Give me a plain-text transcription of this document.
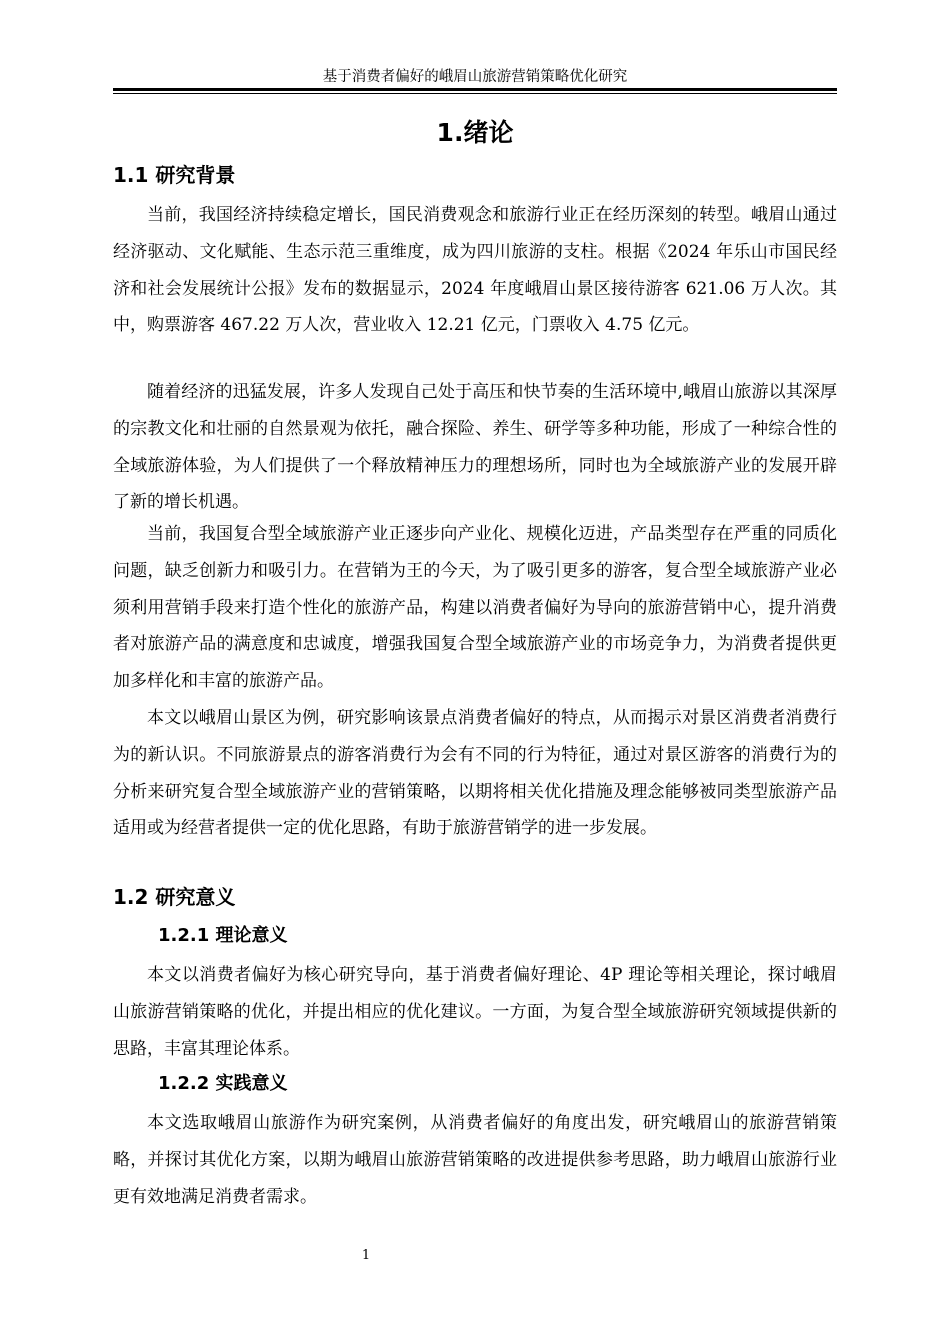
基于消费者偏好的峨眉山旅游营销策略优化研究
1.绪论
1.1 研究背景

当前，我国经济持续稳定增长，国民消费观念和旅游行业正在经历深刻的转型。峨眉山通过经济驱动、文化赋能、生态示范三重维度，成为四川旅游的支柱。根据《2024 年乐山市国民经济和社会发展统计公报》发布的数据显示，2024 年度峨眉山景区接待游客 621.06 万人次。其中，购票游客 467.22 万人次，营业收入 12.21 亿元，门票收入 4.75 亿元。

随着经济的迅猛发展，许多人发现自己处于高压和快节奏的生活环境中,峨眉山旅游以其深厚的宗教文化和壮丽的自然景观为依托，融合探险、养生、研学等多种功能，形成了一种综合性的全域旅游体验，为人们提供了一个释放精神压力的理想场所，同时也为全域旅游产业的发展开辟了新的增长机遇。

当前，我国复合型全域旅游产业正逐步向产业化、规模化迈进，产品类型存在严重的同质化问题，缺乏创新力和吸引力。在营销为王的今天，为了吸引更多的游客，复合型全域旅游产业必须利用营销手段来打造个性化的旅游产品，构建以消费者偏好为导向的旅游营销中心，提升消费者对旅游产品的满意度和忠诚度，增强我国复合型全域旅游产业的市场竞争力，为消费者提供更加多样化和丰富的旅游产品。

本文以峨眉山景区为例，研究影响该景点消费者偏好的特点，从而揭示对景区消费者消费行为的新认识。不同旅游景点的游客消费行为会有不同的行为特征，通过对景区游客的消费行为的分析来研究复合型全域旅游产业的营销策略，以期将相关优化措施及理念能够被同类型旅游产品适用或为经营者提供一定的优化思路，有助于旅游营销学的进一步发展。

1.2 研究意义
1.2.1 理论意义

本文以消费者偏好为核心研究导向，基于消费者偏好理论、4P 理论等相关理论，探讨峨眉山旅游营销策略的优化，并提出相应的优化建议。一方面，为复合型全域旅游研究领域提供新的思路，丰富其理论体系。

1.2.2 实践意义

本文选取峨眉山旅游作为研究案例，从消费者偏好的角度出发，研究峨眉山的旅游营销策略，并探讨其优化方案，以期为峨眉山旅游营销策略的改进提供参考思路，助力峨眉山旅游行业更有效地满足消费者需求。

1
